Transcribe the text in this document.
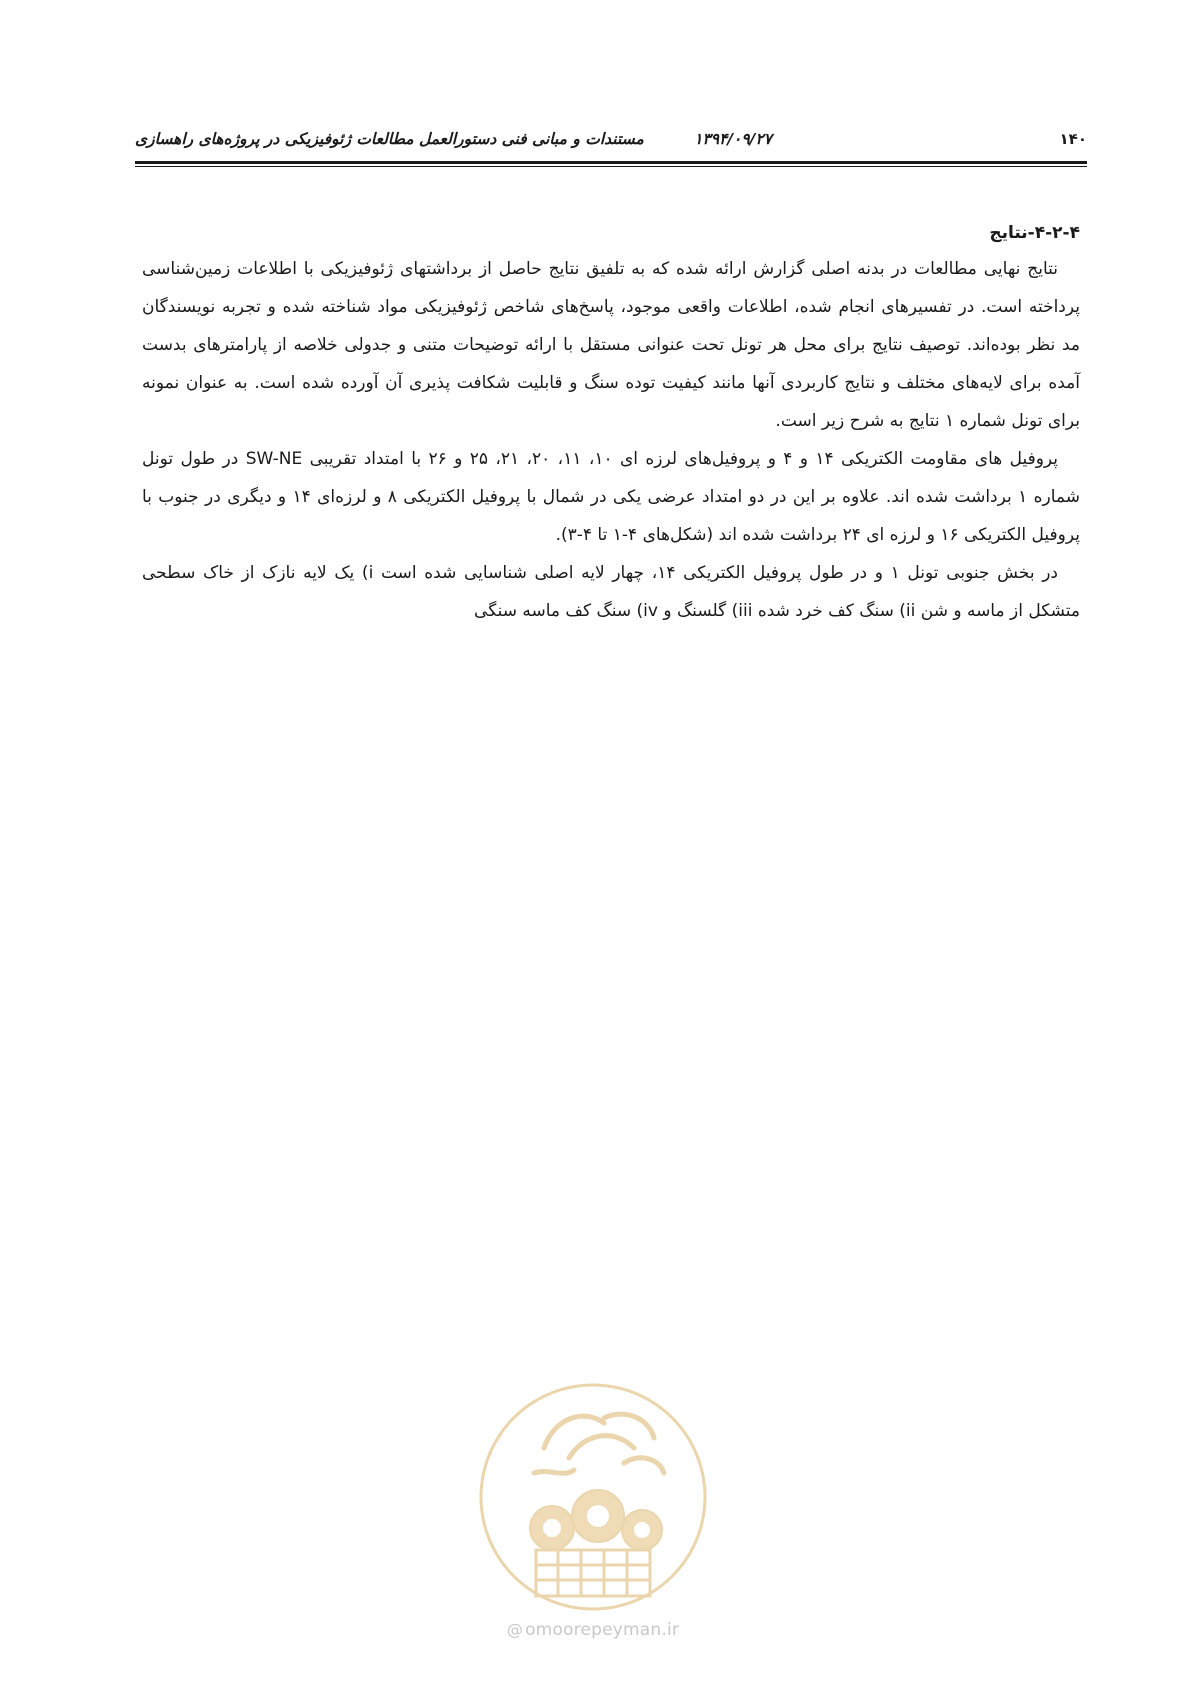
۱۴۰
۱۳۹۴/۰۹/۲۷
مستندات و مبانی فنی دستورالعمل مطالعات ژئوفیزیکی در پروژه‌های راهسازی
۴-۲-۴-نتایج

نتایج نهایی مطالعات در بدنه اصلی گزارش ارائه شده که به تلفیق نتایج حاصل از برداشتهای ژئوفیزیکی با اطلاعات زمین‌شناسی پرداخته است. در تفسیرهای انجام شده، اطلاعات واقعی موجود، پاسخ‌های شاخص ژئوفیزیکی مواد شناخته شده و تجربه نویسندگان مد نظر بوده‌اند. توصیف نتایج برای محل هر تونل تحت عنوانی مستقل با ارائه توضیحات متنی و جدولی خلاصه از پارامترهای بدست آمده برای لایه‌های مختلف و نتایج کاربردی آنها مانند کیفیت توده سنگ و قابلیت شکافت پذیری آن آورده شده است. به عنوان نمونه برای تونل شماره ۱ نتایج به شرح زیر است.

پروفیل های مقاومت الکتریکی ۱۴ و ۴ و پروفیل‌های لرزه ای ۱۰، ۱۱، ۲۰، ۲۱، ۲۵ و ۲۶ با امتداد تقریبی SW-NE در طول تونل شماره ۱ برداشت شده اند. علاوه بر این در دو امتداد عرضی یکی در شمال با پروفیل الکتریکی ۸ و لرزه‌ای ۱۴ و دیگری در جنوب با پروفیل الکتریکی ۱۶ و لرزه ای ۲۴ برداشت شده اند (شکل‌های ۴-۱ تا ۴-۳).

در بخش جنوبی تونل ۱ و در طول پروفیل الکتریکی ۱۴، چهار لایه اصلی شناسایی شده است i) یک لایه نازک از خاک سطحی متشکل از ماسه و شن ii) سنگ کف خرد شده iii) گلسنگ و iv) سنگ کف ماسه سنگی

@ omoorepeyman.ir
